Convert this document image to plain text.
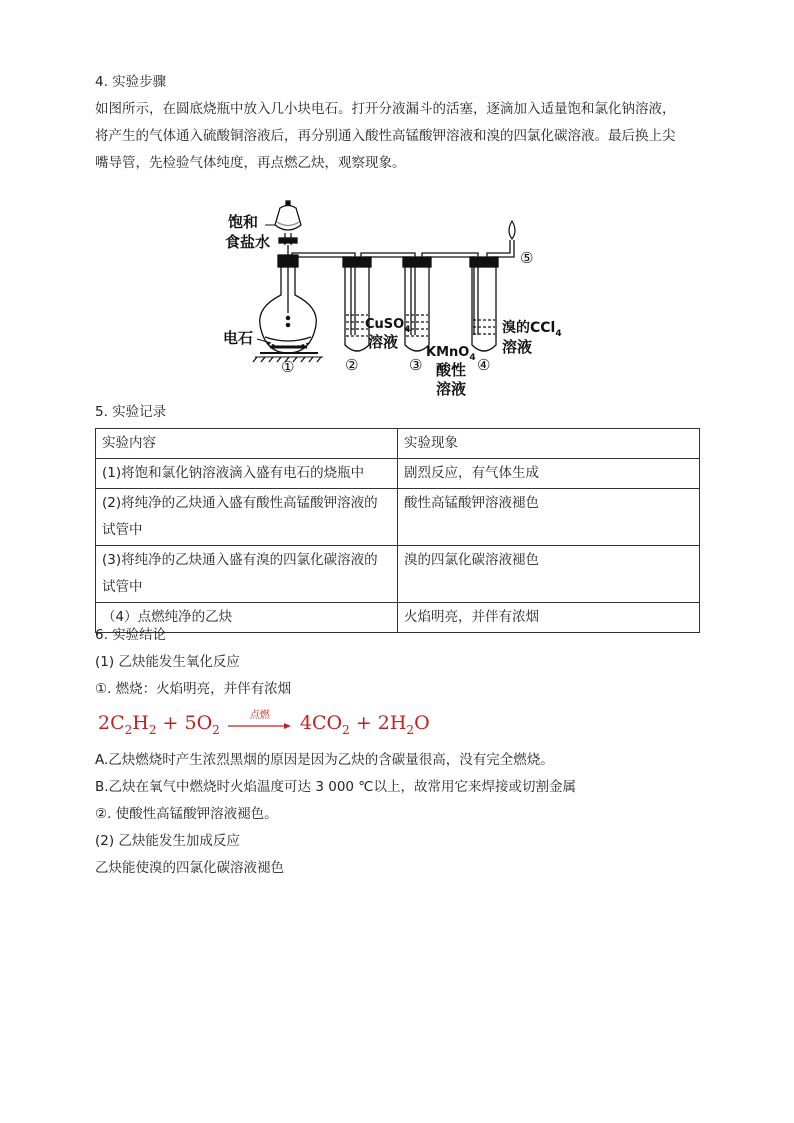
4. 实验步骤
如图所示，在圆底烧瓶中放入几小块电石。打开分液漏斗的活塞，逐滴加入适量饱和氯化钠溶液，
将产生的气体通入硫酸铜溶液后，再分别通入酸性高锰酸钾溶液和溴的四氯化碳溶液。最后换上尖
嘴导管，先检验气体纯度，再点燃乙炔，观察现象。
饱和
食盐水
电石
⑤
CuSO$_4$
溶液
KMnO$_4$
酸性
溶液
溴的CCl$_4$
溶液
①	②	③	④
5. 实验记录
实验内容	实验现象
(1)将饱和氯化钠溶液滴入盛有电石的烧瓶中	剧烈反应，有气体生成
(2)将纯净的乙炔通入盛有酸性高锰酸钾溶液的试管中	酸性高锰酸钾溶液褪色
(3)将纯净的乙炔通入盛有溴的四氯化碳溶液的试管中	溴的四氯化碳溶液褪色
（4）点燃纯净的乙炔	火焰明亮，并伴有浓烟
6. 实验结论
(1) 乙炔能发生氧化反应
①. 燃烧：火焰明亮，并伴有浓烟
$2C_2H_2 + 5O_2$
点燃	$4CO_2 + 2H_2O$
A.乙炔燃烧时产生浓烈黑烟的原因是因为乙炔的含碳量很高，没有完全燃烧。
B.乙炔在氧气中燃烧时火焰温度可达 3 000 ℃以上，故常用它来焊接或切割金属
②. 使酸性高锰酸钾溶液褪色。
(2) 乙炔能发生加成反应
乙炔能使溴的四氯化碳溶液褪色
